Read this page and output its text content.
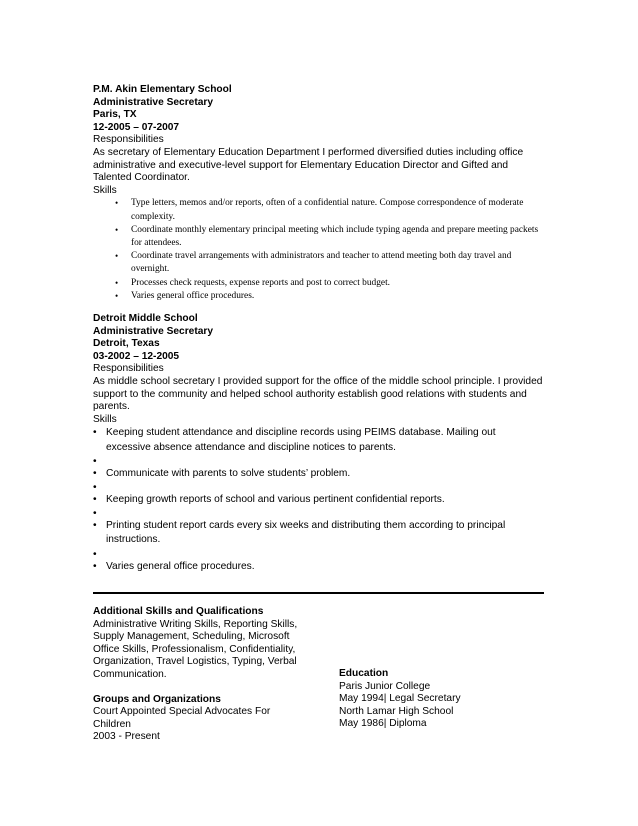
P.M. Akin Elementary School
Administrative Secretary
Paris, TX
12-2005 – 07-2007
Responsibilities
As secretary of Elementary Education Department I performed diversified duties including office administrative and executive-level support for Elementary Education Director and Gifted and Talented Coordinator.
Skills
• Type letters, memos and/or reports, often of a confidential nature. Compose correspondence of moderate complexity.
• Coordinate monthly elementary principal meeting which include typing agenda and prepare meeting packets for attendees.
• Coordinate travel arrangements with administrators and teacher to attend meeting both day travel and overnight.
• Processes check requests, expense reports and post to correct budget.
• Varies general office procedures.
Detroit Middle School
Administrative Secretary
Detroit, Texas
03-2002 – 12-2005
Responsibilities
As middle school secretary I provided support for the office of the middle school principle. I provided support to the community and helped school authority establish good relations with students and parents.
Skills
• Keeping student attendance and discipline records using PEIMS database. Mailing out excessive absence attendance and discipline notices to parents.
•
• Communicate with parents to solve students’ problem.
•
• Keeping growth reports of school and various pertinent confidential reports.
•
• Printing student report cards every six weeks and distributing them according to principal instructions.
•
• Varies general office procedures.
Additional Skills and Qualifications
Administrative Writing Skills, Reporting Skills, Supply Management, Scheduling, Microsoft Office Skills, Professionalism, Confidentiality, Organization, Travel Logistics, Typing, Verbal Communication.
Groups and Organizations
Court Appointed Special Advocates For Children
2003 - Present
Education
Paris Junior College
May 1994| Legal Secretary
North Lamar High School
May 1986| Diploma
